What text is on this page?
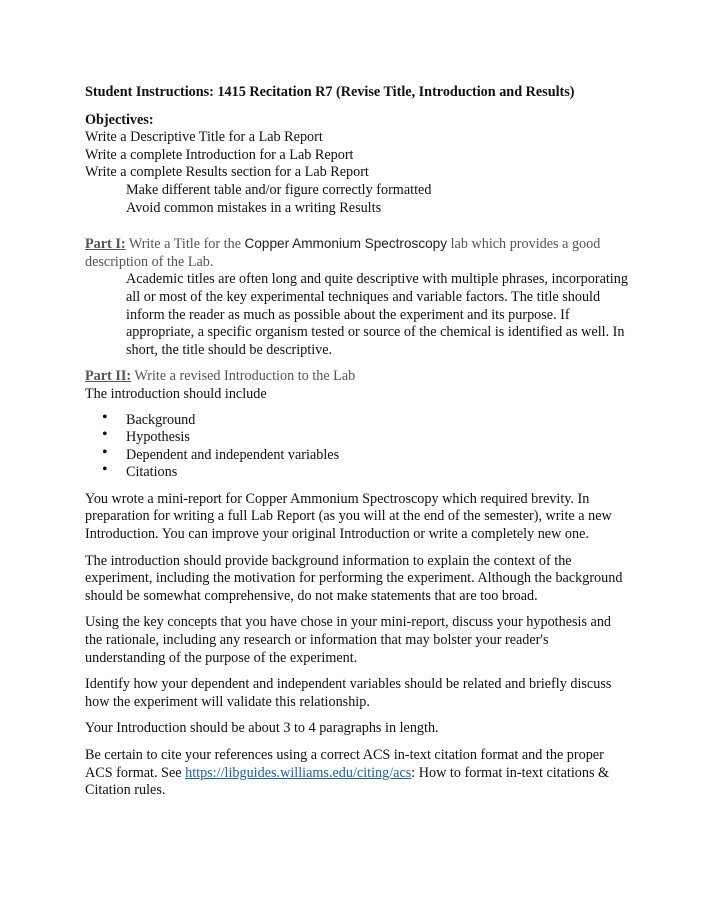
Student Instructions: 1415 Recitation R7 (Revise Title, Introduction and Results)

Objectives:

Write a Descriptive Title for a Lab Report

Write a complete Introduction for a Lab Report

Write a complete Results section for a Lab Report

Make different table and/or figure correctly formatted

Avoid common mistakes in a writing Results

Part I: Write a Title for the Copper Ammonium Spectroscopy lab which provides a good description of the Lab.

Academic titles are often long and quite descriptive with multiple phrases, incorporating all or most of the key experimental techniques and variable factors. The title should inform the reader as much as possible about the experiment and its purpose. If appropriate, a specific organism tested or source of the chemical is identified as well. In short, the title should be descriptive.

Part II: Write a revised Introduction to the Lab

The introduction should include

• Background
• Hypothesis
• Dependent and independent variables
• Citations

You wrote a mini-report for Copper Ammonium Spectroscopy which required brevity. In preparation for writing a full Lab Report (as you will at the end of the semester), write a new Introduction. You can improve your original Introduction or write a completely new one.

The introduction should provide background information to explain the context of the experiment, including the motivation for performing the experiment. Although the background should be somewhat comprehensive, do not make statements that are too broad.

Using the key concepts that you have chose in your mini-report, discuss your hypothesis and the rationale, including any research or information that may bolster your reader's understanding of the purpose of the experiment.

Identify how your dependent and independent variables should be related and briefly discuss how the experiment will validate this relationship.

Your Introduction should be about 3 to 4 paragraphs in length.

Be certain to cite your references using a correct ACS in-text citation format and the proper ACS format. See https://libguides.williams.edu/citing/acs: How to format in-text citations & Citation rules.
